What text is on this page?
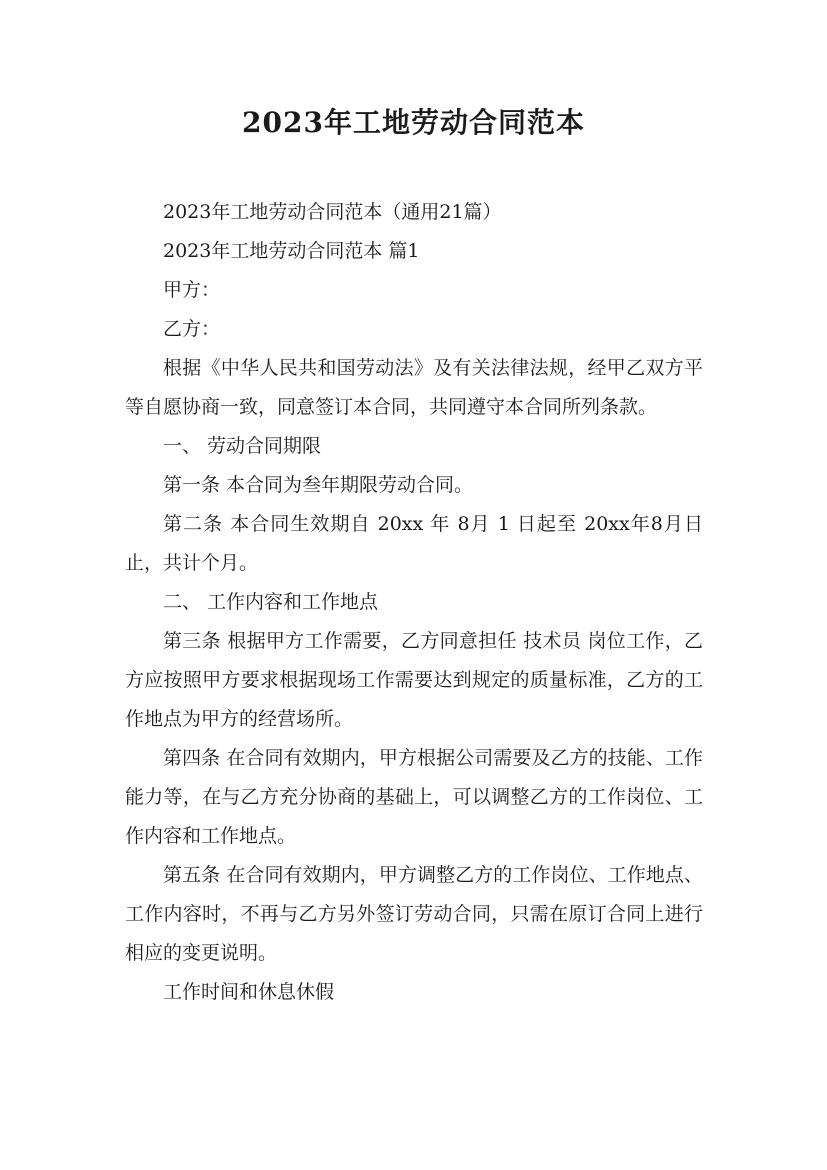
2023年工地劳动合同范本

2023年工地劳动合同范本（通用21篇）

2023年工地劳动合同范本 篇1

甲方：

乙方：

根据《中华人民共和国劳动法》及有关法律法规，经甲乙双方平等自愿协商一致，同意签订本合同，共同遵守本合同所列条款。

一、 劳动合同期限

第一条 本合同为叁年期限劳动合同。

第二条 本合同生效期自 20xx 年 8月 1 日起至 20xx年8月日止，共计个月。

二、 工作内容和工作地点

第三条 根据甲方工作需要，乙方同意担任 技术员 岗位工作，乙方应按照甲方要求根据现场工作需要达到规定的质量标准，乙方的工作地点为甲方的经营场所。

第四条 在合同有效期内，甲方根据公司需要及乙方的技能、工作能力等，在与乙方充分协商的基础上，可以调整乙方的工作岗位、工作内容和工作地点。

第五条 在合同有效期内，甲方调整乙方的工作岗位、工作地点、工作内容时，不再与乙方另外签订劳动合同，只需在原订合同上进行相应的变更说明。

工作时间和休息休假
